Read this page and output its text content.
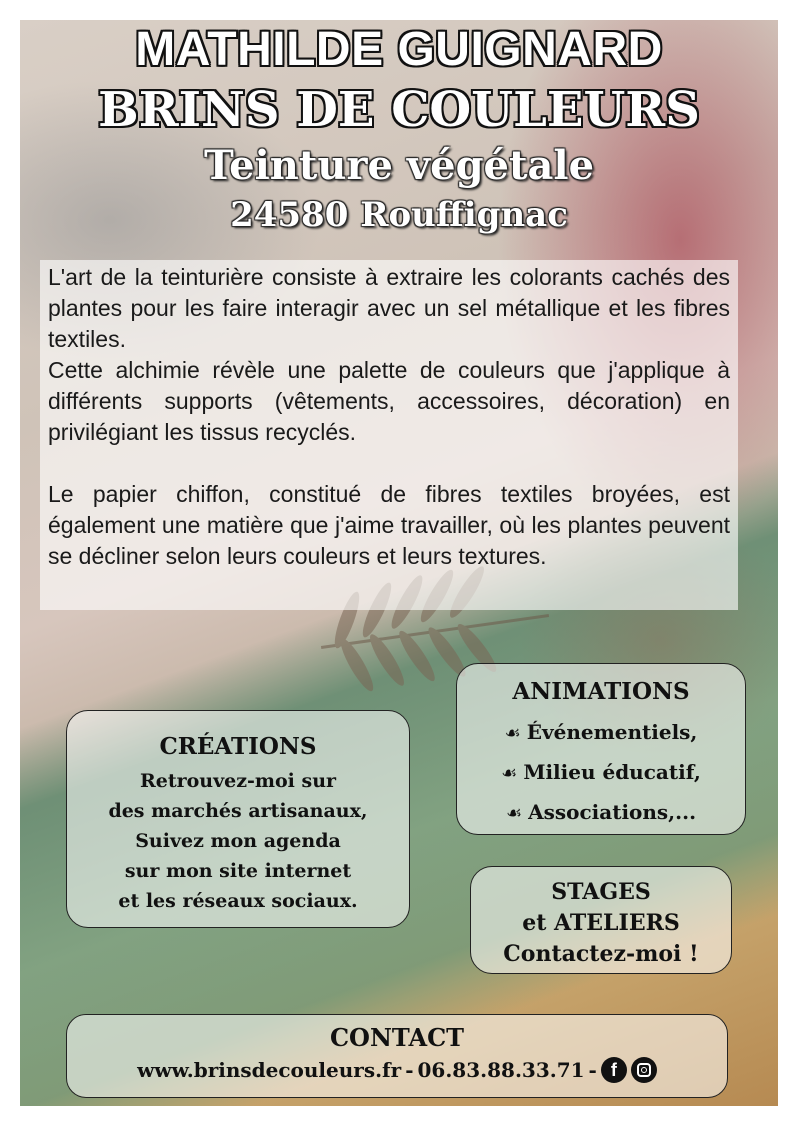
MATHILDE GUIGNARD
BRINS DE COULEURS
Teinture végétale
24580 Rouffignac

L'art de la teinturière consiste à extraire les colorants cachés des plantes pour les faire interagir avec un sel métallique et les fibres textiles.

Cette alchimie révèle une palette de couleurs que j'applique à différents supports (vêtements, accessoires, décoration) en privilégiant les tissus recyclés.

Le papier chiffon, constitué de fibres textiles broyées, est également une matière que j'aime travailler, où les plantes peuvent se décliner selon leurs couleurs et leurs textures.

ANIMATIONS
☙ Événementiels,
☙ Milieu éducatif,
☙ Associations,...
CRÉATIONS
Retrouvez-moi sur
des marchés artisanaux,
Suivez mon agenda
sur mon site internet
et les réseaux sociaux.	STAGES
et ATELIERS
Contactez-moi !
CONTACT
www.brinsdecouleurs.fr - 06.83.88.33.71 - f
